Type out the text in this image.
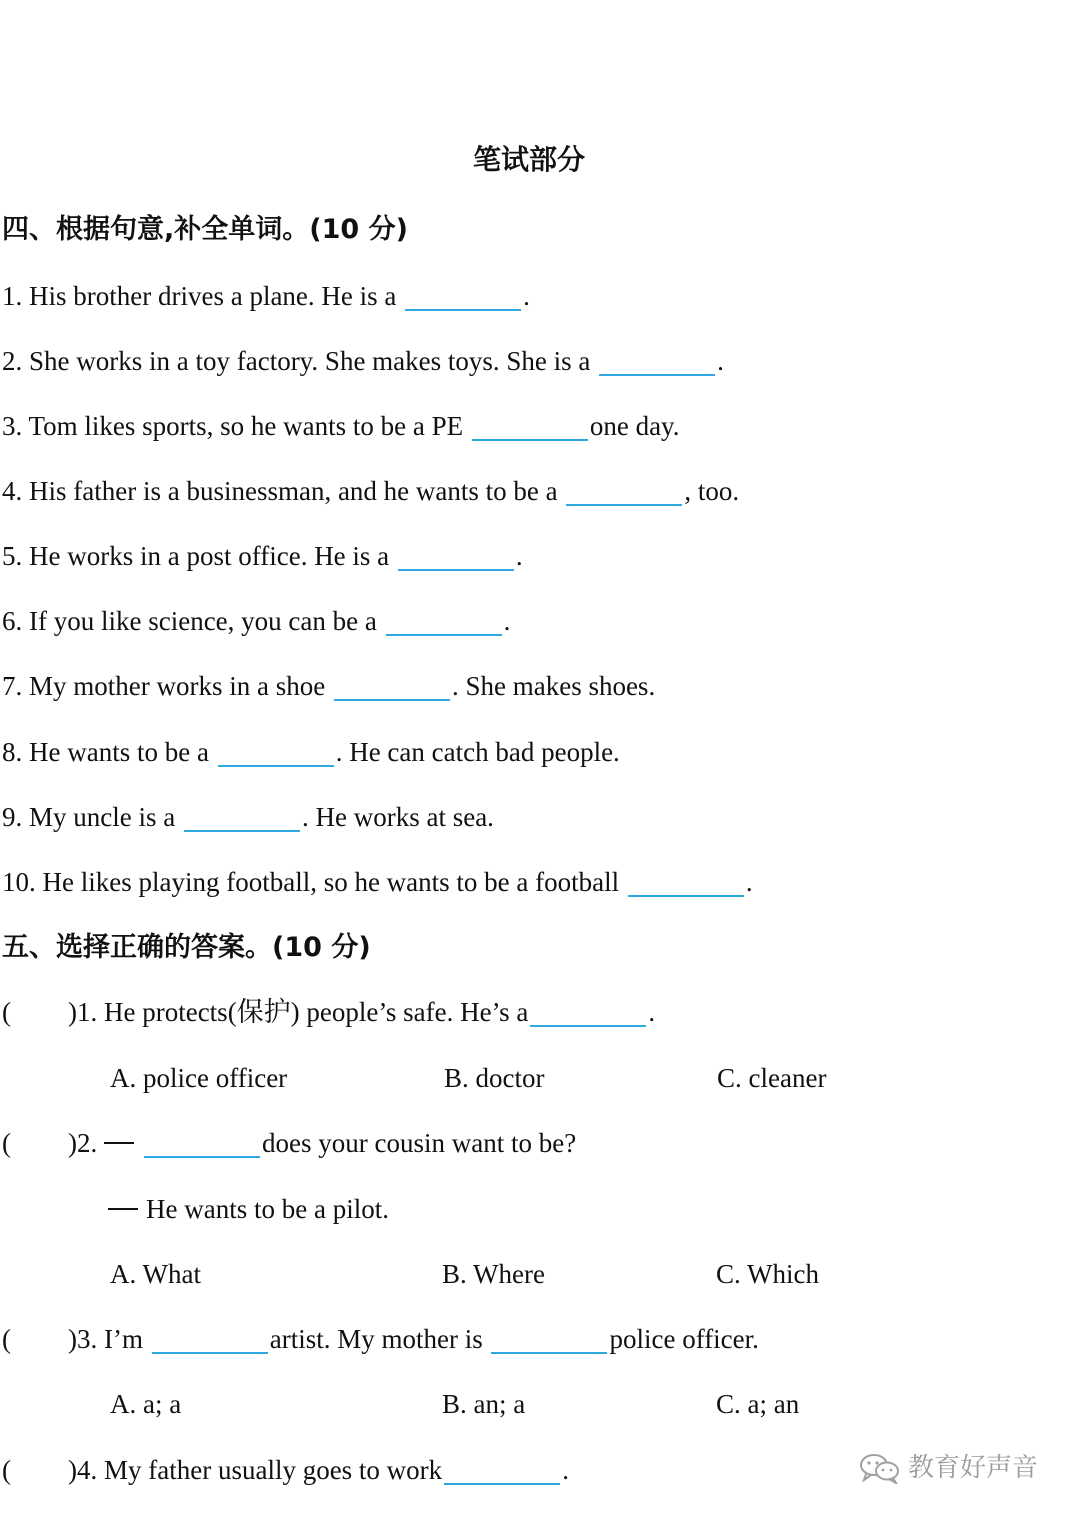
笔试部分
四、根据句意,补全单词。(10 分)
1. His brother drives a plane. He is a	.
2. She works in a toy factory. She makes toys. She is a	.
3. Tom likes sports, so he wants to be a PE	one day.
4. His father is a businessman, and he wants to be a	, too.
5. He works in a post office. He is a	.
6. If you like science, you can be a	.
7. My mother works in a shoe	. She makes shoes.
8. He wants to be a	. He can catch bad people.
9. My uncle is a	. He works at sea.
10. He likes playing football, so he wants to be a football	.
五、选择正确的答案。(10 分)
( )1. He protects(保护) people’s safe. He’s a	.
A. police officer	B. doctor	C. cleaner
( )2.	does your cousin want to be?
He wants to be a pilot.
A. What	B. Where	C. Which
( )3. I’m	artist. My mother is	police officer.
A. a; a	B. an; a	C. a; an
( )4. My father usually goes to work	.	教育好声音
